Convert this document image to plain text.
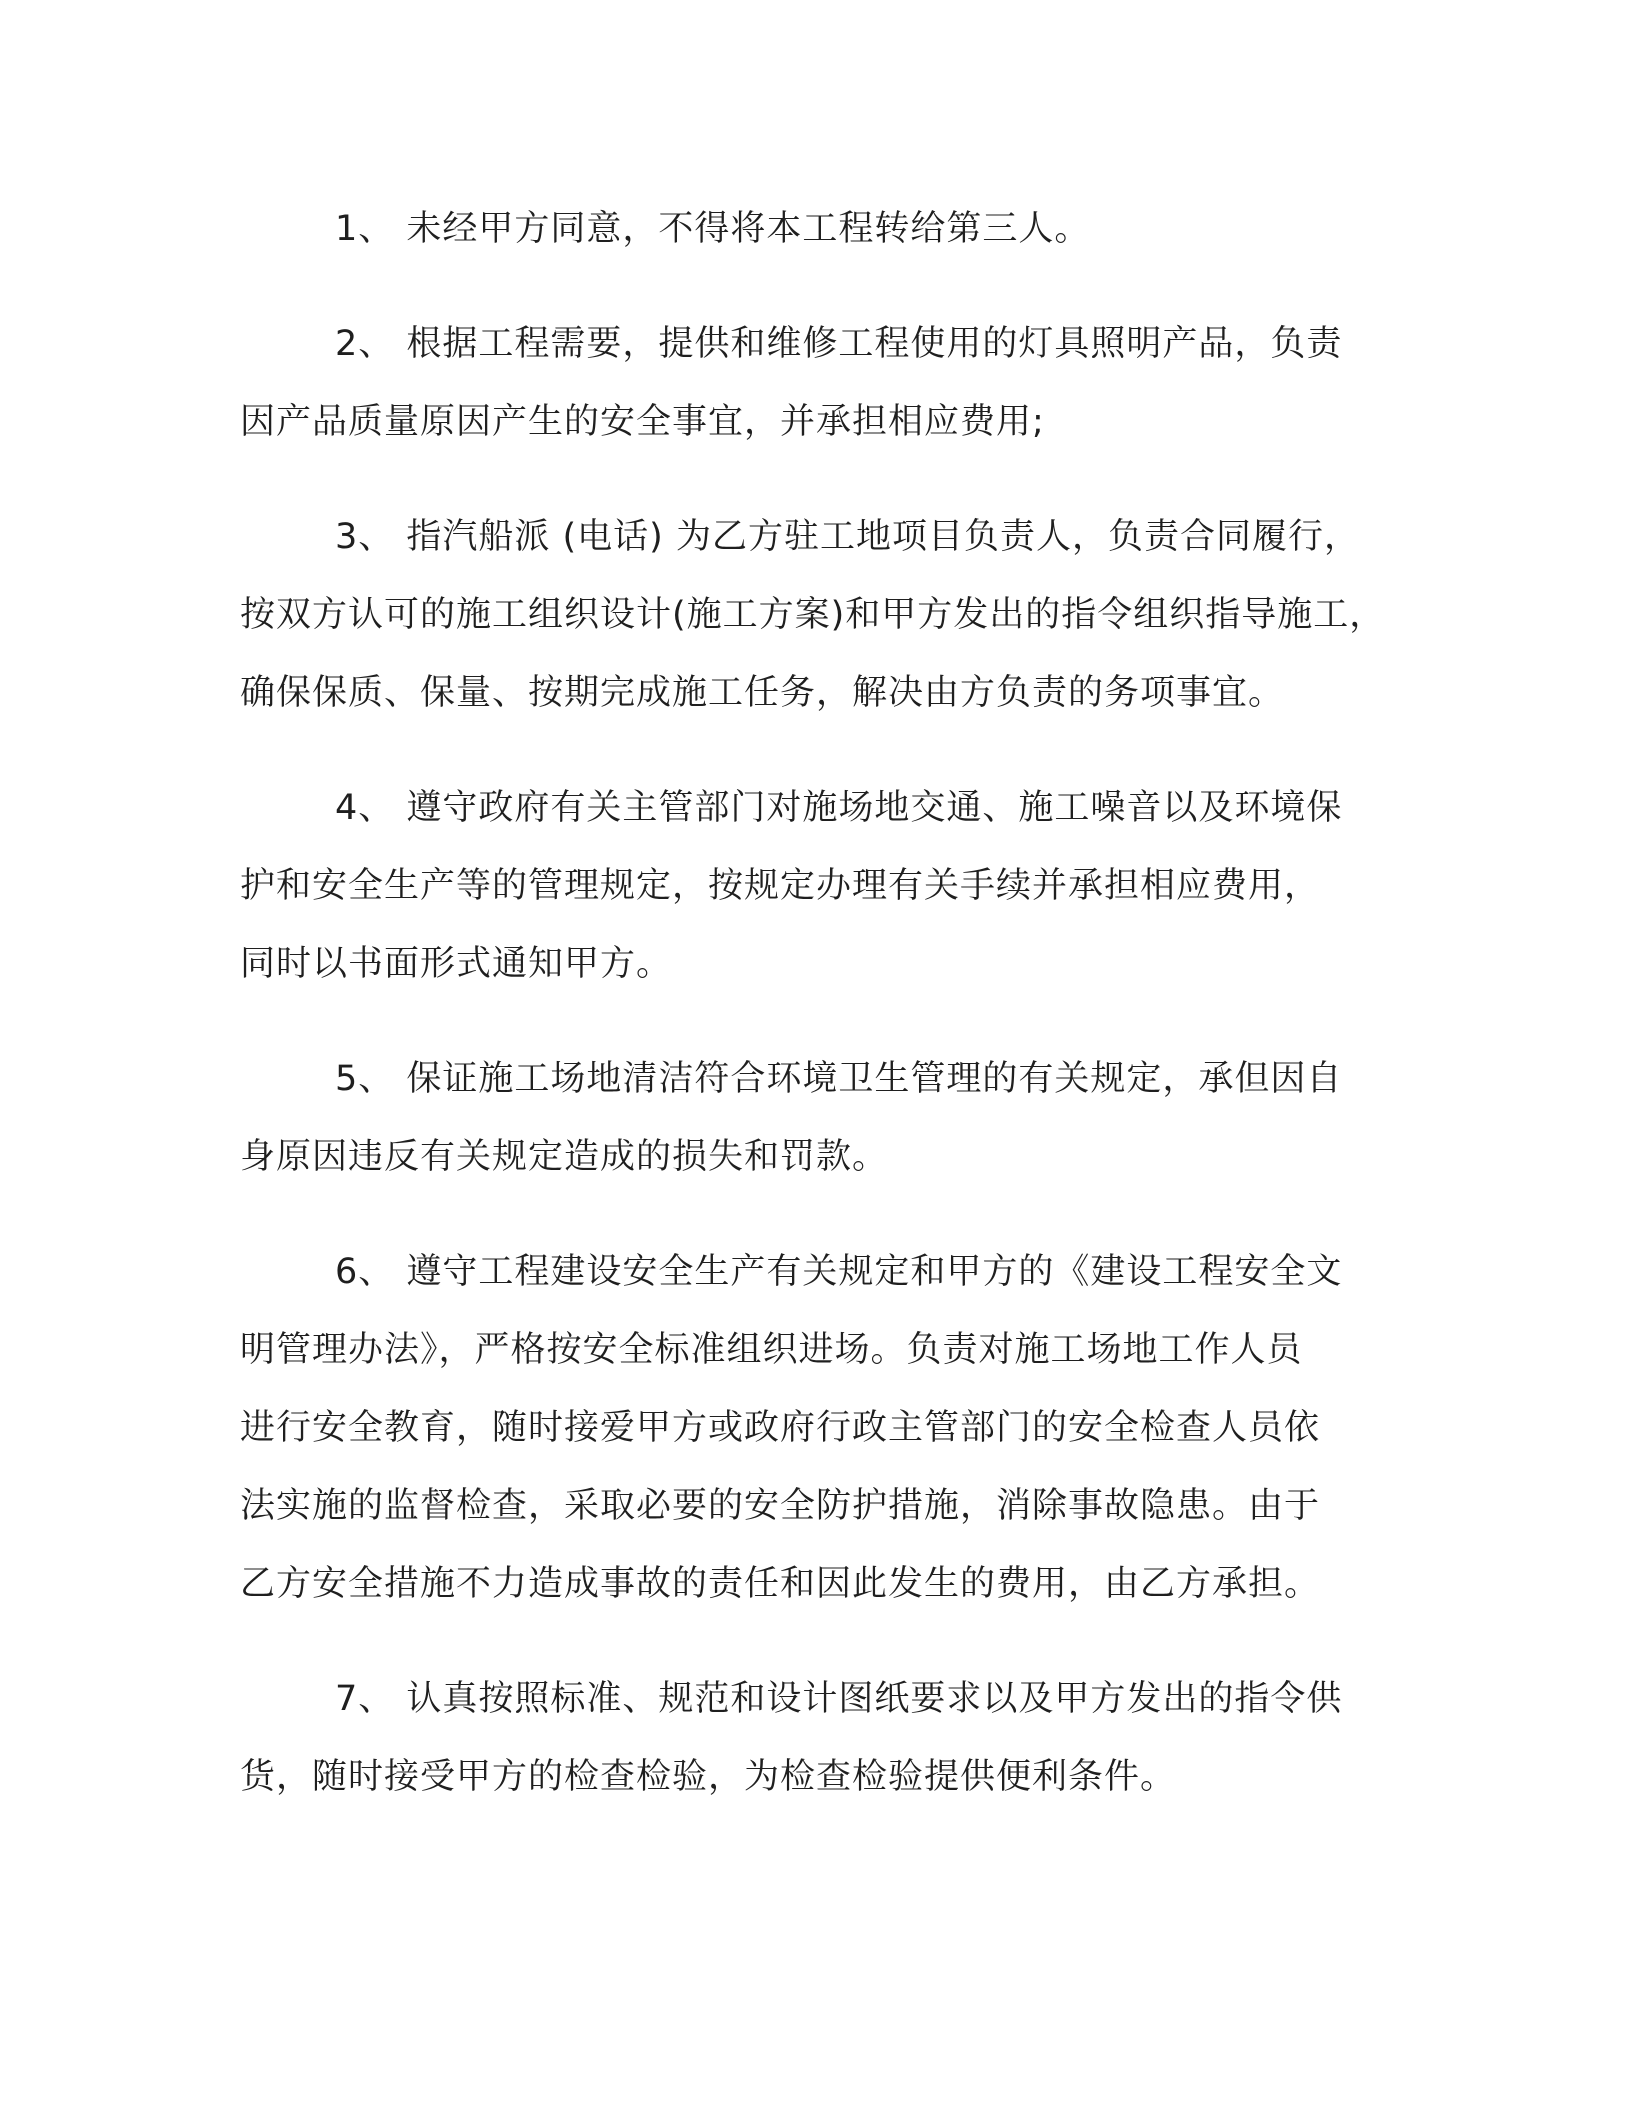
1、 未经甲方同意，不得将本工程转给第三人。

2、 根据工程需要，提供和维修工程使用的灯具照明产品，负责
因产品质量原因产生的安全事宜，并承担相应费用;

3、 指汽船派 (电话) 为乙方驻工地项目负责人，负责合同履行，
按双方认可的施工组织设计(施工方案)和甲方发出的指令组织指导施工，
确保保质、保量、按期完成施工任务，解决由方负责的务项事宜。

4、 遵守政府有关主管部门对施场地交通、施工噪音以及环境保
护和安全生产等的管理规定，按规定办理有关手续并承担相应费用，
同时以书面形式通知甲方。

5、 保证施工场地清洁符合环境卫生管理的有关规定，承但因自
身原因违反有关规定造成的损失和罚款。

6、 遵守工程建设安全生产有关规定和甲方的《建设工程安全文
明管理办法》，严格按安全标准组织进场。负责对施工场地工作人员
进行安全教育，随时接爱甲方或政府行政主管部门的安全检查人员依
法实施的监督检查，采取必要的安全防护措施，消除事故隐患。由于
乙方安全措施不力造成事故的责任和因此发生的费用，由乙方承担。

7、 认真按照标准、规范和设计图纸要求以及甲方发出的指令供
货，随时接受甲方的检查检验，为检查检验提供便利条件。
